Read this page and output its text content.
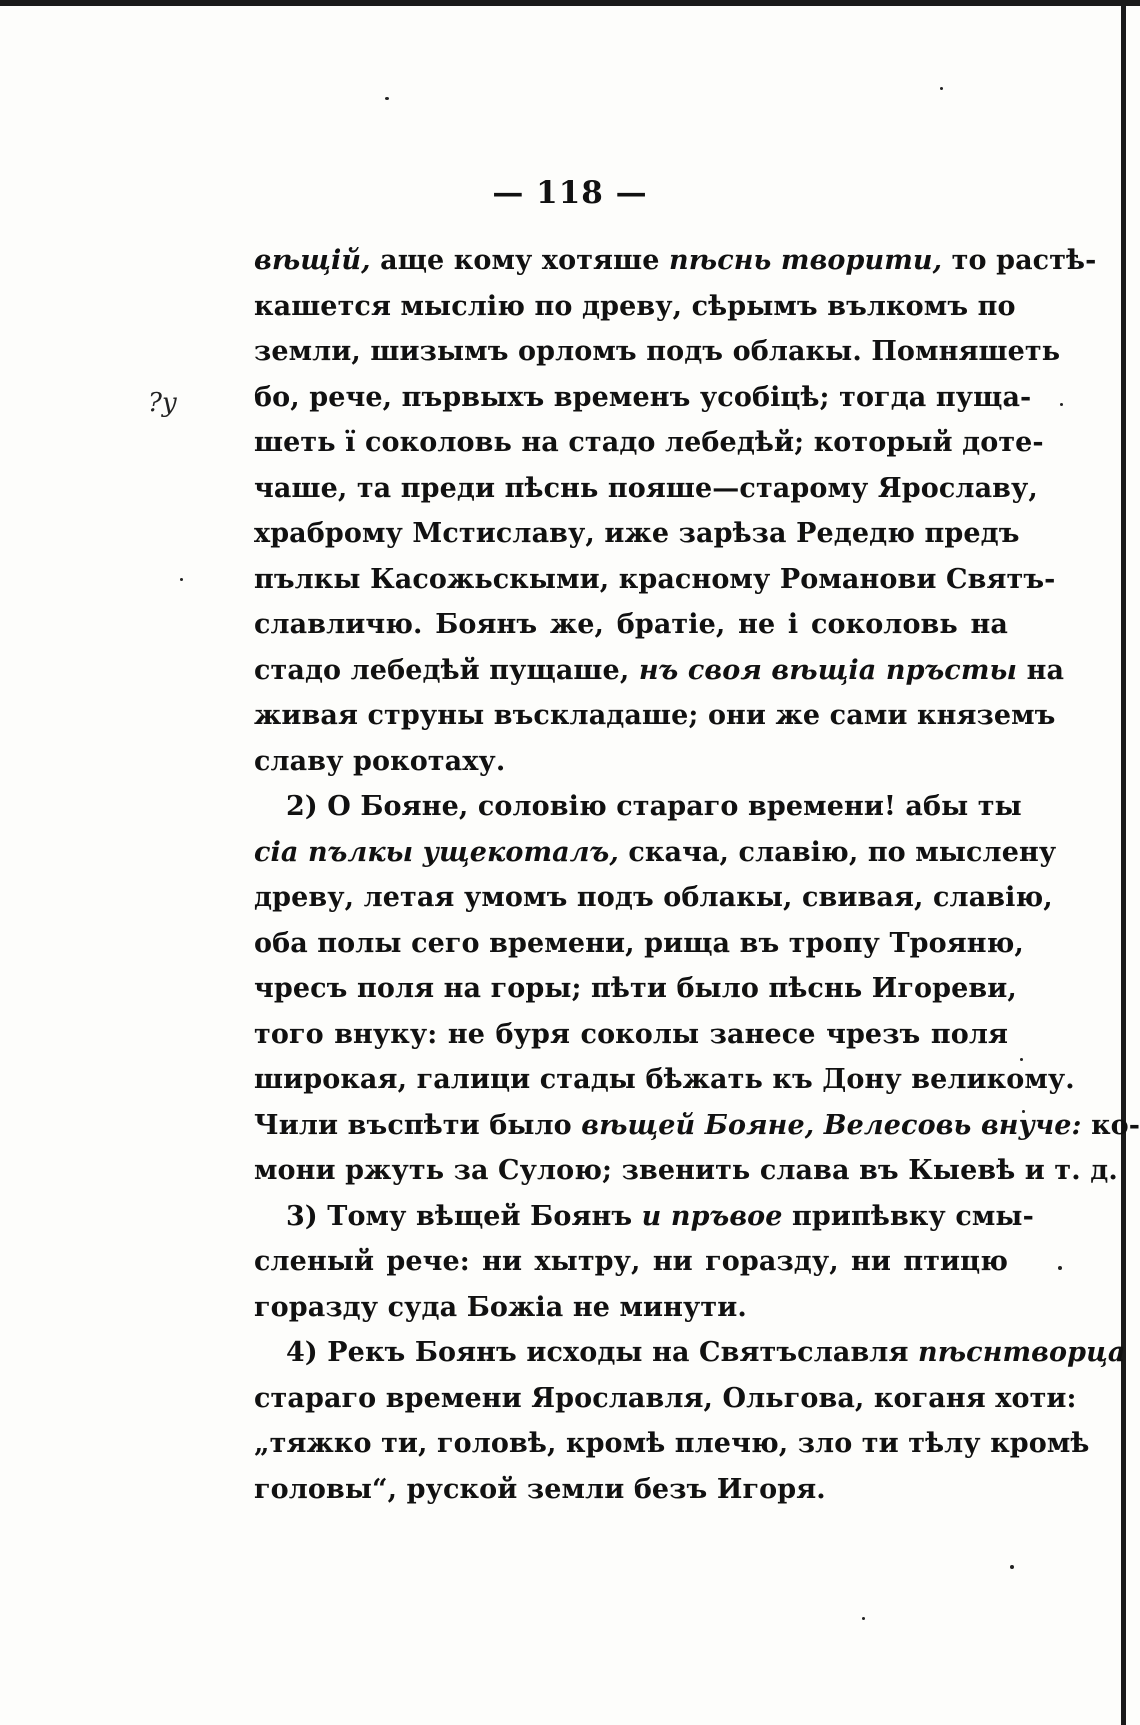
?у
— 118 —
вѣщій, аще кому хотяше пѣснь творити, то растѣ-
кашется мыслію по древу, сѣрымъ вълкомъ по
земли, шизымъ орломъ подъ облакы. Помняшеть
бо, рече, първыхъ временъ усобіцѣ; тогда пуща-
шеть ї соколовь на стадо лебедѣй; который доте-
чаше, та преди пѣснь пояше—старому Ярославу,
храброму Мстиславу, иже зарѣза Редедю предъ
пълкы Касожьскыми, красному Романови Святъ-
славличю. Боянъ же, братіе, не і соколовь на
стадо лебедѣй пущаше, нъ своя вѣщіа пръсты на
живая струны въскладаше; они же сами княземъ
славу рокотаху.
2) О Бояне, соловію стараго времени! абы ты
сіа пълкы ущекоталъ, скача, славію, по мыслену
древу, летая умомъ подъ облакы, свивая, славію,
оба полы сего времени, рища въ тропу Трояню,
чресъ поля на горы; пѣти было пѣснь Игореви,
того внуку: не буря соколы занесе чрезъ поля
широкая, галици стады бѣжать къ Дону великому.
Чили въспѣти было вѣщей Бояне, Велесовь внуче: ко-
мони ржуть за Сулою; звенить слава въ Кыевѣ и т. д.
3) Тому вѣщей Боянъ и пръвое припѣвку смы-
сленый рече: ни хытру, ни горазду, ни птицю
горазду суда Божіа не минути.
4) Рекъ Боянъ исходы на Святъславля пѣснтворца
стараго времени Ярославля, Ольгова, коганя хоти:
„тяжко ти, головѣ, кромѣ плечю, зло ти тѣлу кромѣ
головы“, руской земли безъ Игоря.
